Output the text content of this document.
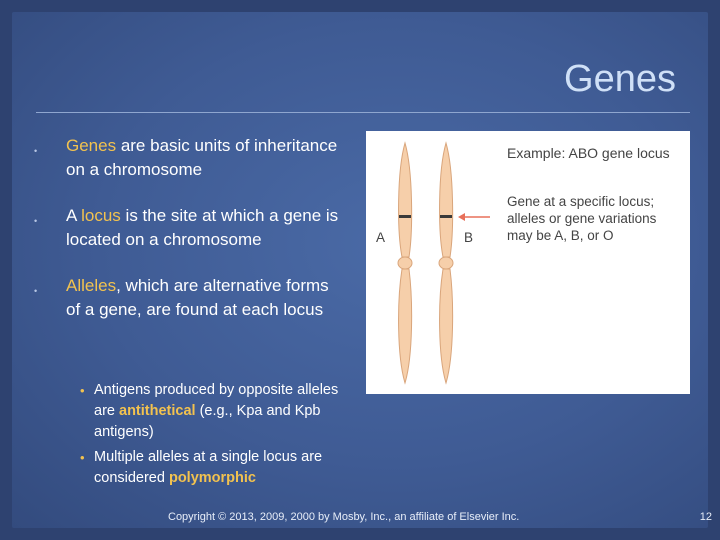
Genes
• Genes are basic units of inheritance on a chromosome
• A locus is the site at which a gene is located on a chromosome
• Alleles, which are alternative forms of a gene, are found at each locus
• Antigens produced by opposite alleles are antithetical (e.g., Kpa and Kpb antigens)
• Multiple alleles at a single locus are considered polymorphic
A	B
Example: ABO gene locus
Gene at a specific locus;
alleles or gene variations
may be A, B, or O
Copyright © 2013, 2009, 2000 by Mosby, Inc., an affiliate of Elsevier Inc.	12
